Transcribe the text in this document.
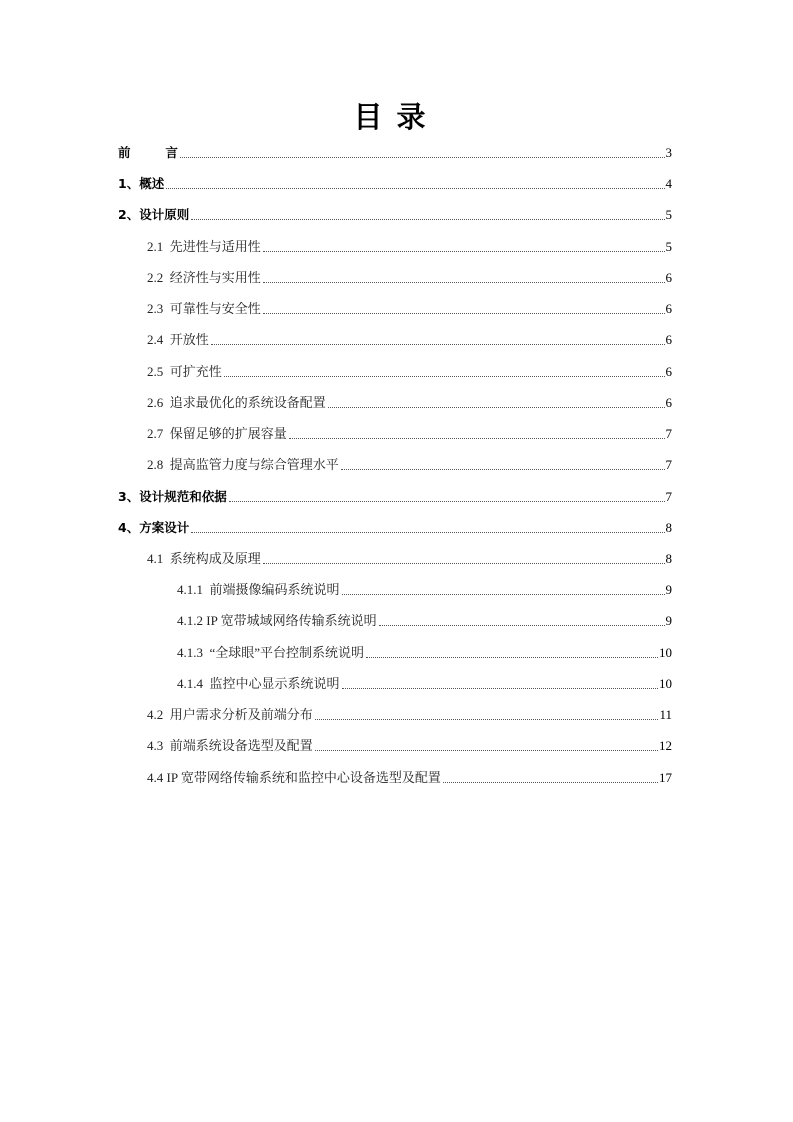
目录
前        言	3
1、概述	4
2、设计原则	5
2.1  先进性与适用性	5
2.2  经济性与实用性	6
2.3  可靠性与安全性	6
2.4  开放性	6
2.5  可扩充性	6
2.6  追求最优化的系统设备配置	6
2.7  保留足够的扩展容量	7
2.8  提高监管力度与综合管理水平	7
3、设计规范和依据	7
4、方案设计	8
4.1  系统构成及原理	8
4.1.1  前端摄像编码系统说明	9
4.1.2 IP 宽带城域网络传输系统说明	9
4.1.3  “全球眼”平台控制系统说明	10
4.1.4  监控中心显示系统说明	10
4.2  用户需求分析及前端分布	11
4.3  前端系统设备选型及配置	12
4.4 IP 宽带网络传输系统和监控中心设备选型及配置	17
